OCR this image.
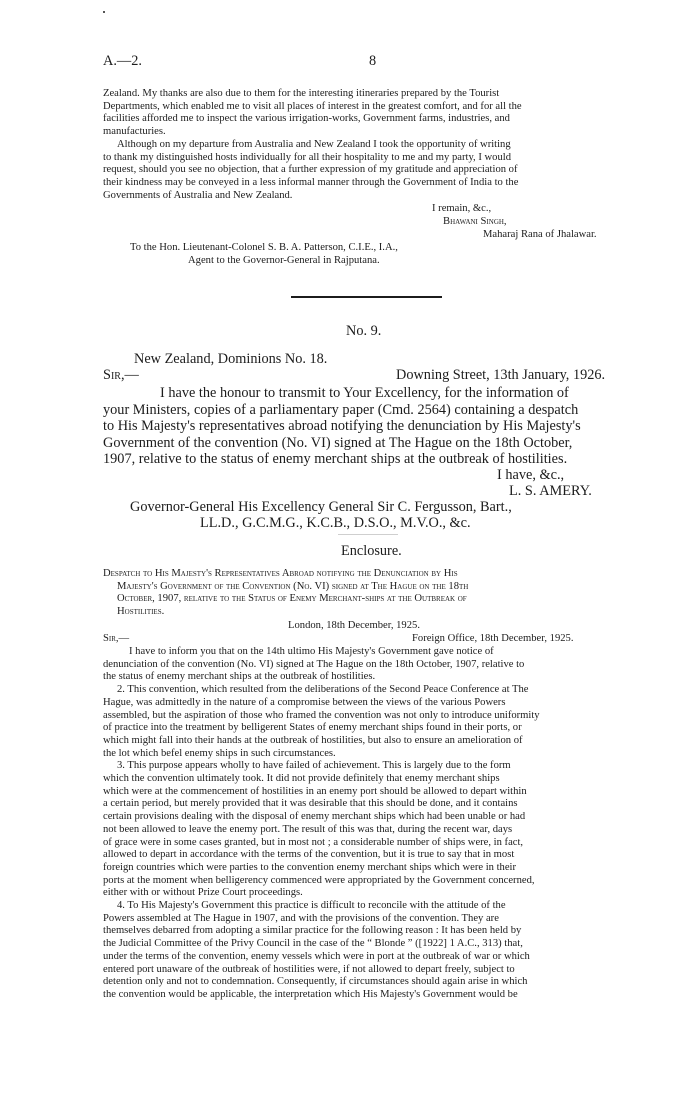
A.—2.	8
Zealand. My thanks are also due to them for the interesting itineraries prepared by the Tourist
Departments, which enabled me to visit all places of interest in the greatest comfort, and for all the
facilities afforded me to inspect the various irrigation-works, Government farms, industries, and
manufacturies.
Although on my departure from Australia and New Zealand I took the opportunity of writing
to thank my distinguished hosts individually for all their hospitality to me and my party, I would
request, should you see no objection, that a further expression of my gratitude and appreciation of
their kindness may be conveyed in a less informal manner through the Government of India to the
Governments of Australia and New Zealand.
I remain, &c.,
Bhawani Singh,
Maharaj Rana of Jhalawar.
To the Hon. Lieutenant-Colonel S. B. A. Patterson, C.I.E., I.A.,
Agent to the Governor-General in Rajputana.
No. 9.
New Zealand, Dominions No. 18.
Sir,—	Downing Street, 13th January, 1926.
I have the honour to transmit to Your Excellency, for the information of
your Ministers, copies of a parliamentary paper (Cmd. 2564) containing a despatch
to His Majesty's representatives abroad notifying the denunciation by His Majesty's
Government of the convention (No. VI) signed at The Hague on the 18th October,
1907, relative to the status of enemy merchant ships at the outbreak of hostilities.
I have, &c.,
L. S. AMERY.
Governor-General His Excellency General Sir C. Fergusson, Bart.,
LL.D., G.C.M.G., K.C.B., D.S.O., M.V.O., &c.
Enclosure.
Despatch to His Majesty's Representatives Abroad notifying the Denunciation by His
Majesty's Government of the Convention (No. VI) signed at The Hague on the 18th
October, 1907, relative to the Status of Enemy Merchant-ships at the Outbreak of
Hostilities.
London, 18th December, 1925.
Sir,—	Foreign Office, 18th December, 1925.
I have to inform you that on the 14th ultimo His Majesty's Government gave notice of
denunciation of the convention (No. VI) signed at The Hague on the 18th October, 1907, relative to
the status of enemy merchant ships at the outbreak of hostilities.
2. This convention, which resulted from the deliberations of the Second Peace Conference at The
Hague, was admittedly in the nature of a compromise between the views of the various Powers
assembled, but the aspiration of those who framed the convention was not only to introduce uniformity
of practice into the treatment by belligerent States of enemy merchant ships found in their ports, or
which might fall into their hands at the outbreak of hostilities, but also to ensure an amelioration of
the lot which befel enemy ships in such circumstances.
3. This purpose appears wholly to have failed of achievement. This is largely due to the form
which the convention ultimately took. It did not provide definitely that enemy merchant ships
which were at the commencement of hostilities in an enemy port should be allowed to depart within
a certain period, but merely provided that it was desirable that this should be done, and it contains
certain provisions dealing with the disposal of enemy merchant ships which had been unable or had
not been allowed to leave the enemy port. The result of this was that, during the recent war, days
of grace were in some cases granted, but in most not ; a considerable number of ships were, in fact,
allowed to depart in accordance with the terms of the convention, but it is true to say that in most
foreign countries which were parties to the convention enemy merchant ships which were in their
ports at the moment when belligerency commenced were appropriated by the Government concerned,
either with or without Prize Court proceedings.
4. To His Majesty's Government this practice is difficult to reconcile with the attitude of the
Powers assembled at The Hague in 1907, and with the provisions of the convention. They are
themselves debarred from adopting a similar practice for the following reason : It has been held by
the Judicial Committee of the Privy Council in the case of the “ Blonde ” ([1922] 1 A.C., 313) that,
under the terms of the convention, enemy vessels which were in port at the outbreak of war or which
entered port unaware of the outbreak of hostilities were, if not allowed to depart freely, subject to
detention only and not to condemnation. Consequently, if circumstances should again arise in which
the convention would be applicable, the interpretation which His Majesty's Government would be
